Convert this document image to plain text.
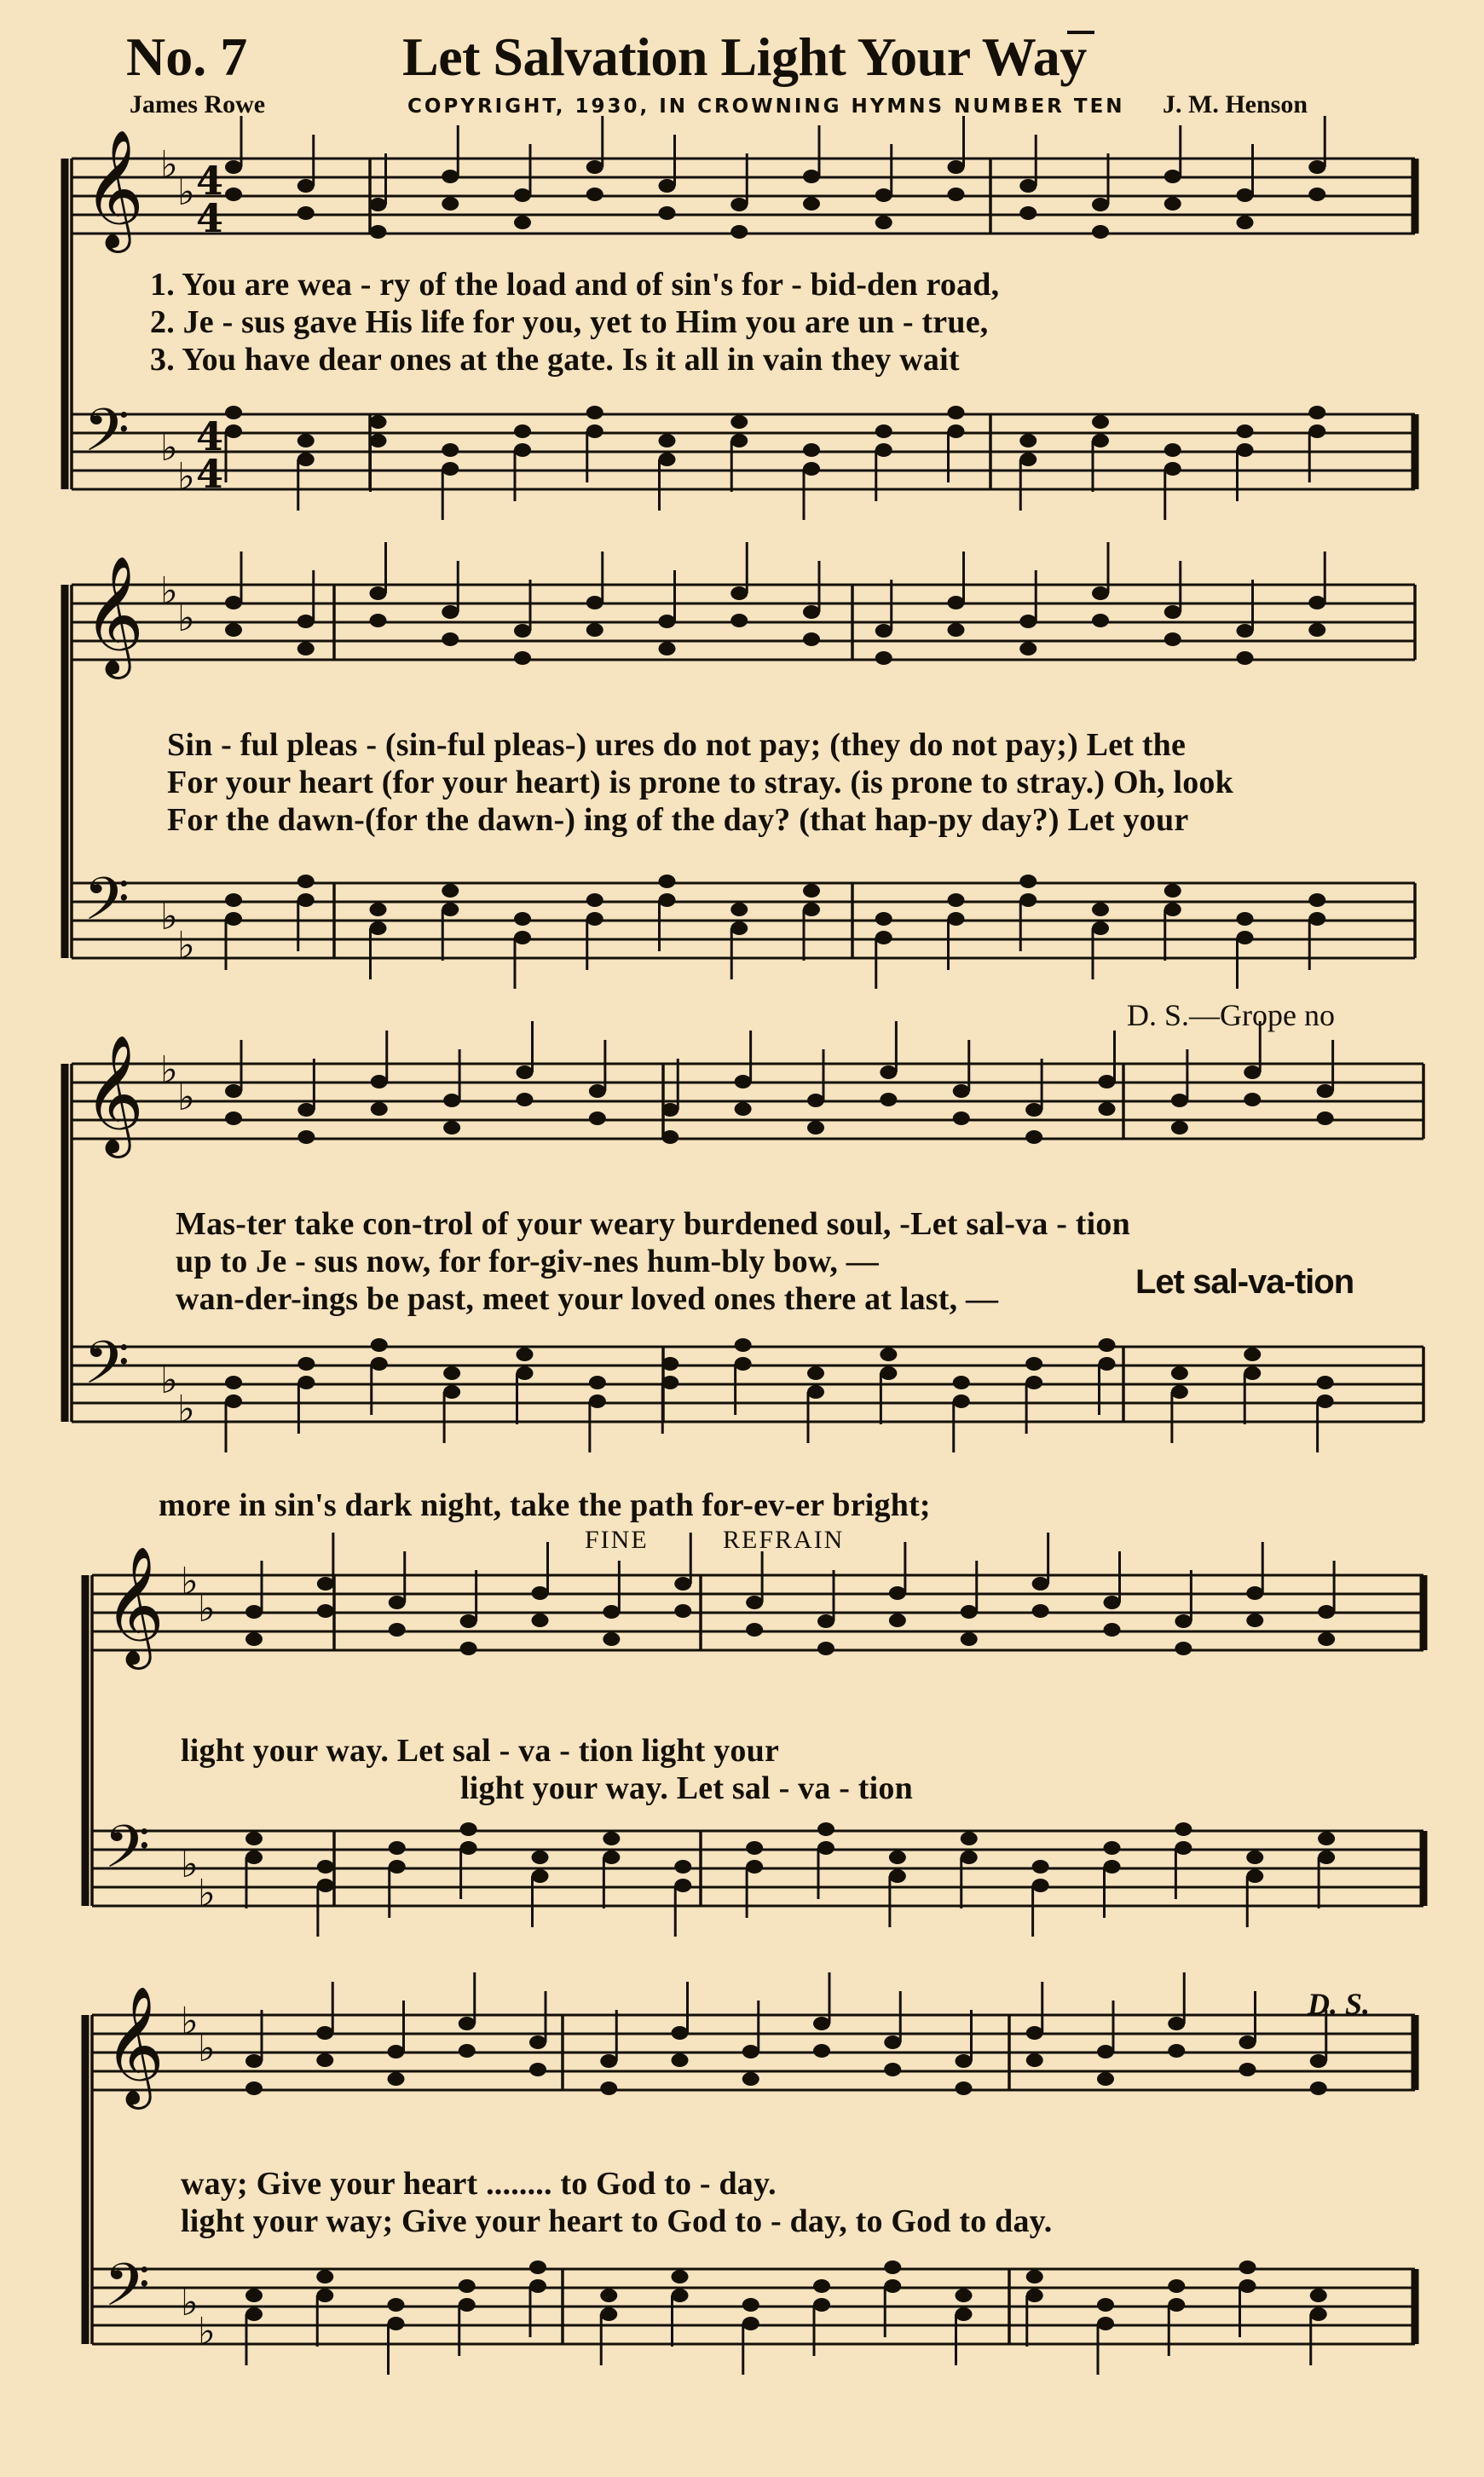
No. 7	Let Salvation Light Your Way
James Rowe	COPYRIGHT, 1930, IN CROWNING HYMNS NUMBER TEN J. M. Henson
𝄞 ♭
♭
𝄢 ♭
♭
4
4
4
4
𝄞 ♭
♭
𝄢 ♭
♭
𝄞 ♭
♭
𝄢 ♭
♭
𝄞 ♭
♭
𝄢 ♭
♭
𝄞 ♭
♭
𝄢 ♭
♭
1. You are wea - ry of the load and of sin's for - bid-den road,
2. Je - sus gave His life for you, yet to Him you are un - true,
3. You have dear ones at the gate. Is it all in vain they wait
Sin - ful pleas - (sin-ful pleas-) ures do not pay; (they do not pay;) Let the
For your heart (for your heart) is prone to stray. (is prone to stray.) Oh, look
For the dawn-(for the dawn-) ing of the day? (that hap-py day?) Let your
D. S.—Grope no
Mas-ter take con-trol of your weary burdened soul, -Let sal-va - tion
up to Je - sus now, for for-giv-nes hum-bly bow, —
wan-der-ings be past, meet your loved ones there at last, —	Let sal-va-tion
more in sin's dark night, take the path for-ev-er bright;
FINE	REFRAIN
light your way. Let sal - va - tion light your
light your way. Let sal - va - tion
D. S.
way; Give your heart ........ to God to - day.
light your way; Give your heart to God to - day, to God to day.
